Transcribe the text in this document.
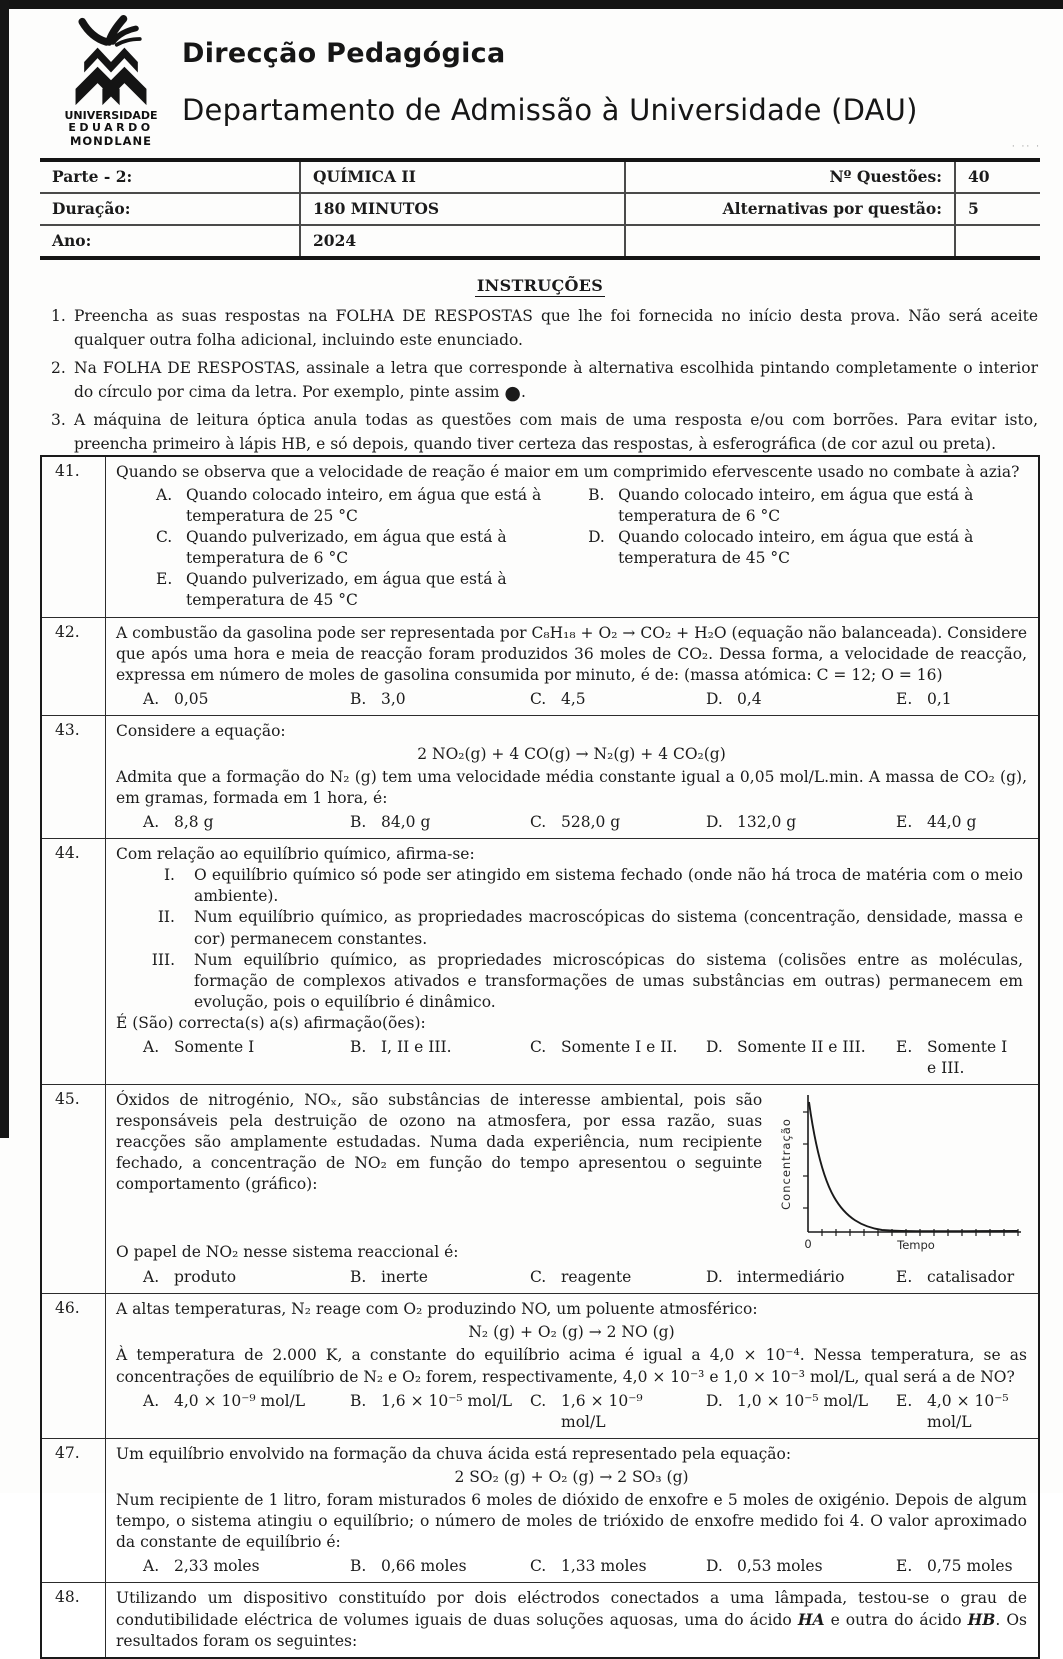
· ·· ·
UNIVERSIDADE
EDUARDO
MONDLANE
Direcção Pedagógica
Departamento de Admissão à Universidade (DAU)
Parte - 2:	QUÍMICA II	Nº Questões:	40
Duração:	180 MINUTOS	Alternativas por questão:	5
Ano:	2024		
INSTRUÇÕES
1. Preencha as suas respostas na FOLHA DE RESPOSTAS que lhe foi fornecida no início desta prova. Não será aceite qualquer outra folha adicional, incluindo este enunciado.
2. Na FOLHA DE RESPOSTAS, assinale a letra que corresponde à alternativa escolhida pintando completamente o interior do círculo por cima da letra. Por exemplo, pinte assim ●.
3. A máquina de leitura óptica anula todas as questões com mais de uma resposta e/ou com borrões. Para evitar isto, preencha primeiro à lápis HB, e só depois, quando tiver certeza das respostas, à esferográfica (de cor azul ou preta).
41.	Quando se observa que a velocidade de reação é maior em um comprimido efervescente usado no combate à azia?
A. Quando colocado inteiro, em água que está à temperatura de 25 °C
B. Quando colocado inteiro, em água que está à temperatura de 6 °C
C. Quando pulverizado, em água que está à temperatura de 6 °C
D. Quando colocado inteiro, em água que está à temperatura de 45 °C
E. Quando pulverizado, em água que está à temperatura de 45 °C
42.	A combustão da gasolina pode ser representada por C₈H₁₈ + O₂ → CO₂ + H₂O (equação não balanceada). Considere que após uma hora e meia de reacção foram produzidos 36 moles de CO₂. Dessa forma, a velocidade de reacção, expressa em número de moles de gasolina consumida por minuto, é de: (massa atómica: C = 12; O = 16)
A. 0,05	B. 3,0	C. 4,5	D. 0,4	E. 0,1
43.	Considere a equação:
2 NO₂(g) + 4 CO(g) → N₂(g) + 4 CO₂(g)
Admita que a formação do N₂ (g) tem uma velocidade média constante igual a 0,05 mol/L.min. A massa de CO₂ (g), em gramas, formada em 1 hora, é:
A. 8,8 g	B. 84,0 g	C. 528,0 g	D. 132,0 g	E. 44,0 g
44.	Com relação ao equilíbrio químico, afirma-se:
I. O equilíbrio químico só pode ser atingido em sistema fechado (onde não há troca de matéria com o meio ambiente).
II. Num equilíbrio químico, as propriedades macroscópicas do sistema (concentração, densidade, massa e cor) permanecem constantes.
III. Num equilíbrio químico, as propriedades microscópicas do sistema (colisões entre as moléculas, formação de complexos ativados e transformações de umas substâncias em outras) permanecem em evolução, pois o equilíbrio é dinâmico.
É (São) correcta(s) a(s) afirmação(ões):
A. Somente I	B. I, II e III.	C. Somente I e II.	D. Somente II e III.	E. Somente I e III.
45.	Óxidos de nitrogénio, NOₓ, são substâncias de interesse ambiental, pois são responsáveis pela destruição de ozono na atmosfera, por essa razão, suas reacções são amplamente estudadas. Numa dada experiência, num recipiente fechado, a concentração de NO₂ em função do tempo apresentou o seguinte comportamento (gráfico):
O papel de NO₂ nesse sistema reaccional é:
Concentração
0	Tempo
A. produto	B. inerte	C. reagente	D. intermediário	E. catalisador
46.	A altas temperaturas, N₂ reage com O₂ produzindo NO, um poluente atmosférico:
N₂ (g) + O₂ (g) → 2 NO (g)
À temperatura de 2.000 K, a constante do equilíbrio acima é igual a 4,0 × 10⁻⁴. Nessa temperatura, se as concentrações de equilíbrio de N₂ e O₂ forem, respectivamente, 4,0 × 10⁻³ e 1,0 × 10⁻³ mol/L, qual será a de NO?
A. 4,0 × 10⁻⁹ mol/L	B. 1,6 × 10⁻⁵ mol/L	C. 1,6 × 10⁻⁹ mol/L
D. 1,0 × 10⁻⁵ mol/L	E. 4,0 × 10⁻⁵ mol/L
47.	Um equilíbrio envolvido na formação da chuva ácida está representado pela equação:
2 SO₂ (g) + O₂ (g) → 2 SO₃ (g)
Num recipiente de 1 litro, foram misturados 6 moles de dióxido de enxofre e 5 moles de oxigénio. Depois de algum tempo, o sistema atingiu o equilíbrio; o número de moles de trióxido de enxofre medido foi 4. O valor aproximado da constante de equilíbrio é:
A. 2,33 moles	B. 0,66 moles	C. 1,33 moles	D. 0,53 moles	E. 0,75 moles
48.	Utilizando um dispositivo constituído por dois eléctrodos conectados a uma lâmpada, testou-se o grau de condutibilidade eléctrica de volumes iguais de duas soluções aquosas, uma do ácido HA e outra do ácido HB. Os resultados foram os seguintes:
